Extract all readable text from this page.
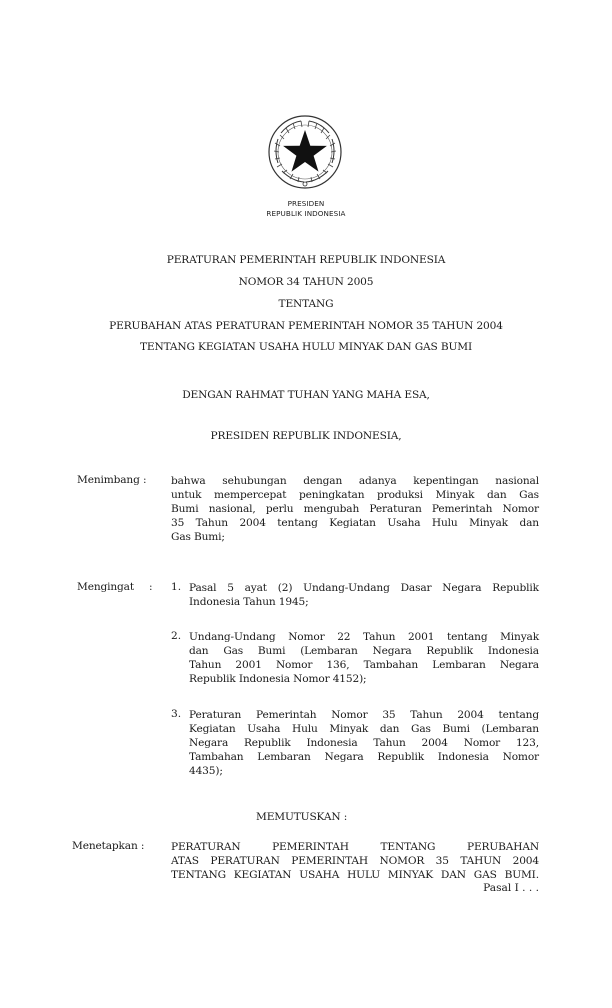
PRESIDEN
REPUBLIK INDONESIA
PERATURAN PEMERINTAH REPUBLIK INDONESIA
NOMOR 34 TAHUN 2005
TENTANG
PERUBAHAN ATAS PERATURAN PEMERINTAH NOMOR 35 TAHUN 2004
TENTANG KEGIATAN USAHA HULU MINYAK DAN GAS BUMI
DENGAN RAHMAT TUHAN YANG MAHA ESA,
PRESIDEN REPUBLIK INDONESIA,
Menimbang : bahwa sehubungan dengan adanya kepentingan nasional
untuk mempercepat peningkatan produksi Minyak dan Gas
Bumi nasional, perlu mengubah Peraturan Pemerintah Nomor
35 Tahun 2004 tentang Kegiatan Usaha Hulu Minyak dan
Gas Bumi;
Mengingat : 1. Pasal 5 ayat (2) Undang-Undang Dasar Negara Republik
Indonesia Tahun 1945;
2. Undang-Undang Nomor 22 Tahun 2001 tentang Minyak
dan Gas Bumi (Lembaran Negara Republik Indonesia
Tahun 2001 Nomor 136, Tambahan Lembaran Negara
Republik Indonesia Nomor 4152);
3. Peraturan Pemerintah Nomor 35 Tahun 2004 tentang
Kegiatan Usaha Hulu Minyak dan Gas Bumi (Lembaran
Negara Republik Indonesia Tahun 2004 Nomor 123,
Tambahan Lembaran Negara Republik Indonesia Nomor
4435);
MEMUTUSKAN :
Menetapkan :	PERATURAN	PEMERINTAH	TENTANG	PERUBAHAN
ATAS PERATURAN PEMERINTAH NOMOR 35 TAHUN 2004
TENTANG KEGIATAN USAHA HULU MINYAK DAN GAS BUMI.
Pasal I . . .
